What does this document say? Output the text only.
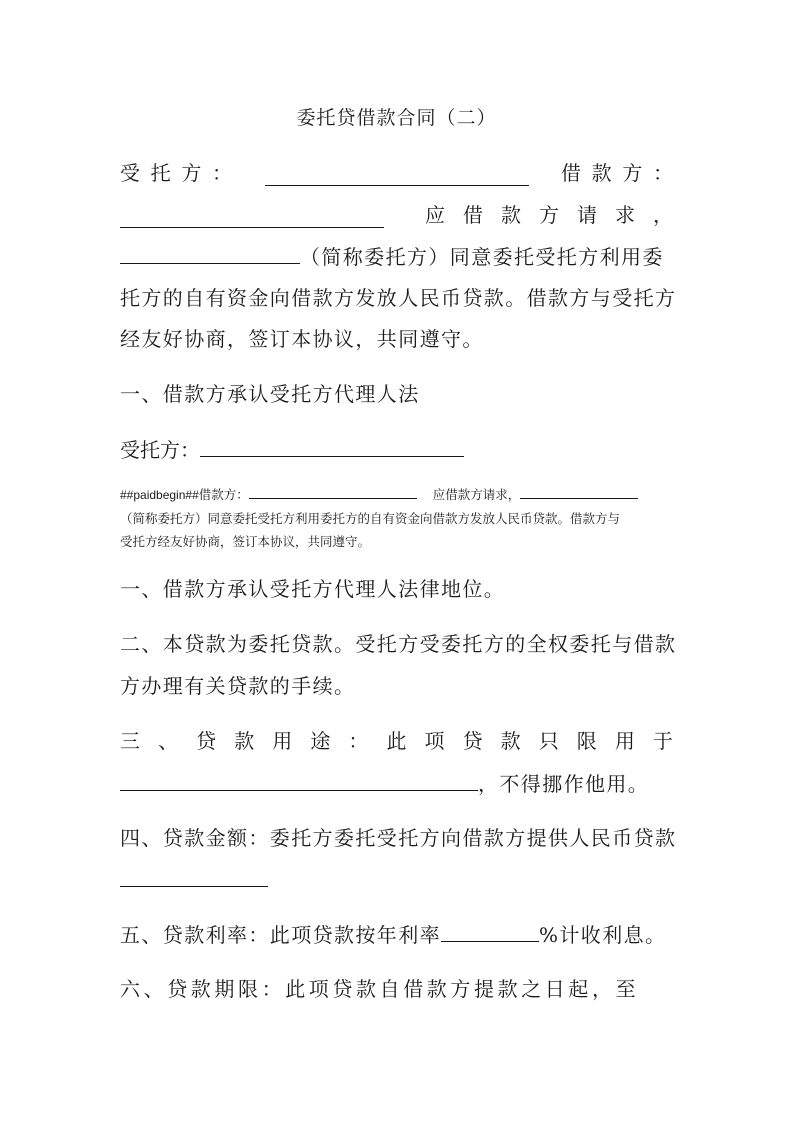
委托贷借款合同（二）
受 托 方 ：	借 款 方 ：
应 借 款 方 请 求 ，
（简称委托方）同意委托受托方利用委
托方的自有资金向借款方发放人民币贷款。借款方与受托方
经友好协商，签订本协议，共同遵守。
一、借款方承认受托方代理人法
受托方：
##paidbegin##借款方：	应借款方请求，
（简称委托方）同意委托受托方利用委托方的自有资金向借款方发放人民币贷款。借款方与
受托方经友好协商，签订本协议，共同遵守。
一、借款方承认受托方代理人法律地位。
二、本贷款为委托贷款。受托方受委托方的全权委托与借款
方办理有关贷款的手续。
三 、 贷 款 用 途 ： 此 项 贷 款 只 限 用 于
，不得挪作他用。
四、贷款金额：委托方委托受托方向借款方提供人民币贷款
五、贷款利率：此项贷款按年利率	%计收利息。
六、贷款期限：此项贷款自借款方提款之日起，至
